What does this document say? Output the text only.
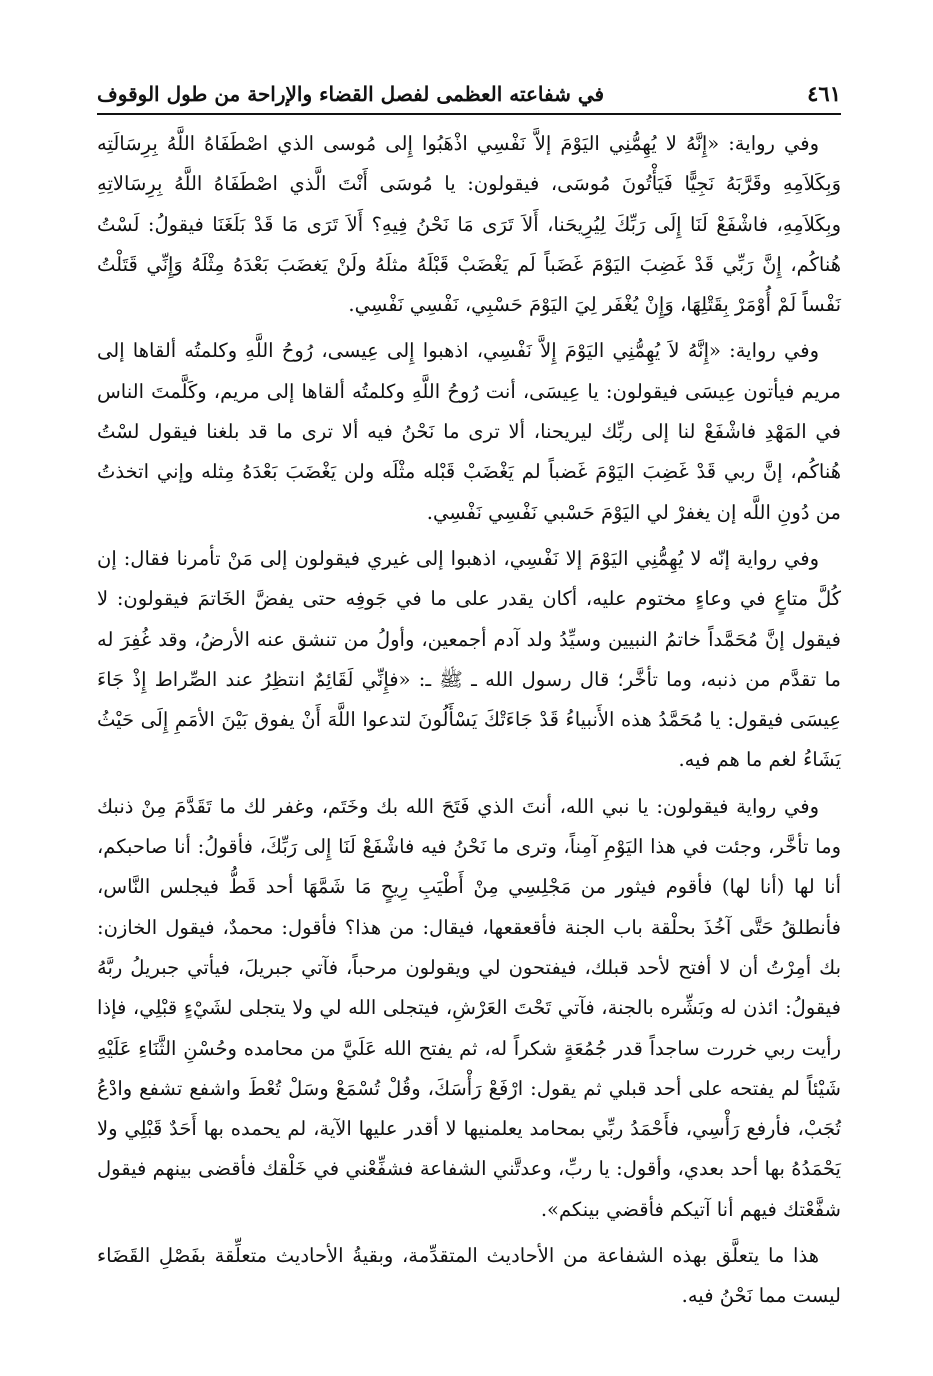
في شفاعته العظمى لفصل القضاء والإراحة من طول الوقوف	٤٦١

وفي رواية: «إِنَّهُ لا يُهِمُّنِي اليَوْمَ إلاَّ نَفْسِي اذْهَبُوا إِلى مُوسى الذي اصْطَفَاهُ اللَّهُ بِرِسَالَتِه وَبِكَلاَمِهِ وقَرَّبَهُ نَجِيًّا فَيَأْتُونَ مُوسَى، فيقولون: يا مُوسَى أَنْتَ الَّذي اصْطَفَاهُ اللَّهُ بِرِسَالاتِهِ وبِكَلاَمِهِ، فاشْفَعْ لَنَا إِلَى رَبِّكَ لِيُرِيحَنا، أَلاَ تَرَى مَا نَحْنُ فِيهِ؟ أَلاَ تَرَى مَا قَدْ بَلَغَنَا فيقولُ: لَسْتُ هُناكُم، إِنَّ رَبِّي قَدْ غَضِبَ اليَوْمَ غَضَباً لَم يَغْضَبْ قَبْلَهُ مثلَهُ ولَنْ يَغضَبَ بَعْدَهُ مِثْلَهُ وَإِنِّي قَتَلْتُ نَفْساً لَمْ أُوْمَرْ بِقَتْلِهَا، وَإِنْ يُغْفَر لِيَ اليَوْمَ حَسْبِي، نَفْسِي نَفْسِي.

وفي رواية: «إِنَّهُ لاَ يُهِمُّنِي اليَوْمَ إِلاَّ نَفْسِي، اذهبوا إِلى عِيسى، رُوحُ اللَّهِ وكلمتُه ألقاها إلى مريم فيأتون عِيسَى فيقولون: يا عِيسَى، أنت رُوحُ اللَّهِ وكلمتُه ألقاها إلى مريم، وكَلَّمتَ الناس في المَهْدِ فاشْفَعْ لنا إلى ربِّك ليريحنا، ألا ترى ما نَحْنُ فيه ألا ترى ما قد بلغنا فيقول لسْتُ هُناكُم، إنَّ ربي قَدْ غَضِبَ اليَوْمَ غَضباً لم يَغْضَبْ قَبْله مثْلَه ولن يَغْضَبَ بَعْدَهُ مِثله وإني اتخذتُ من دُونِ اللَّه إن يغفرْ لي اليَوْمَ حَسْبي نَفْسِي نَفْسِي.

وفي رواية إنّه لا يُهِمُّنِي اليَوْمَ إلا نَفْسِي، اذهبوا إلى غيري فيقولون إلى مَنْ تأمرنا فقال: إن كُلَّ متاعٍ في وعاءٍ مختوم عليه، أكان يقدر على ما في جَوفِه حتى يفضَّ الخَاتمَ فيقولون: لا فيقول إنَّ مُحَمَّداً خاتمُ النبيين وسيِّدُ ولد آدم أجمعين، وأولُ من تنشق عنه الأرضُ، وقد غُفِرَ له ما تقدَّم من ذنبه، وما تأخَّر؛ قال رسول الله ـ ﷺ ـ: «فإِنِّي لَقَائِمٌ انتظِرُ عند الصِّراط إِذْ جَاءَ عِيسَى فيقول: يا مُحَمَّدُ هذه الأَنبياءُ قَدْ جَاءَتْكَ يَسْأَلُونَ لتدعوا اللَّهَ أَنْ يفوق بَيْنَ الأمَمِ إِلَى حَيْثُ يَشَاءُ لغم ما هم فيه.

وفي رواية فيقولون: يا نبي الله، أنتَ الذي فَتَحَ الله بك وخَتَم، وغفر لك ما تَقَدَّمَ مِنْ ذنبك وما تأخَّر، وجئت في هذا اليَوْمِ آمِناً، وترى ما نَحْنُ فيه فاشْفَعْ لَنَا إِلى رَبِّكَ، فأقولُ: أنا صاحبكم، أنا لها (أنا لها) فأقوم فيثور من مَجْلِسِي مِنْ أَطْيَبِ رِيحٍ مَا شَمَّهَا أحد قَطُّ فيجلس النَّاس، فأنطلقُ حَتَّى آخُذَ بحلْقة باب الجنة فأقعقعها، فيقال: من هذا؟ فأقول: محمدٌ، فيقول الخازن: بك أمِرْتُ أن لا أفتح لأحد قبلك، فيفتحون لي ويقولون مرحباً، فآتي جبريلَ، فيأتي جبريلُ ربَّهُ فيقولُ: ائذن له وبَشِّره بالجنة، فآتي تَحْتَ العَرْشِ، فيتجلى الله لي ولا يتجلى لشَيْءٍ قبْلِي، فإذا رأيت ربي خررت ساجداً قدر جُمُعَةٍ شكراً له، ثم يفتح الله عَلَيَّ من محامده وحُسْنِ الثَّنَاءِ عَلَيْهِ شَيْئاً لم يفتحه على أحد قبلي ثم يقول: ارْفَعْ رَأْسَكَ، وقُلْ تُسْمَعْ وسَلْ تُعْطَ واشفع تشفع وادْعُ تُجَبْ، فأرفع رَأْسِي، فأَحْمَدُ ربِّي بمحامد يعلمنيها لا أقدر عليها الآية، لم يحمده بها أَحَدٌ قَبْلِي ولا يَحْمَدُهُ بها أحد بعدي، وأقول: يا ربِّ، وعدتَّني الشفاعة فشفِّعْني في خَلْقك فأقضى بينهم فيقول شفَّعْتك فيهم أنا آتيكم فأقضي بينكم».

هذا ما يتعلَّق بهذه الشفاعة من الأحاديث المتقدِّمة، وبقيةُ الأحاديث متعلِّقة بفَصْلِ القَضَاء ليست مما نَحْنُ فيه.
